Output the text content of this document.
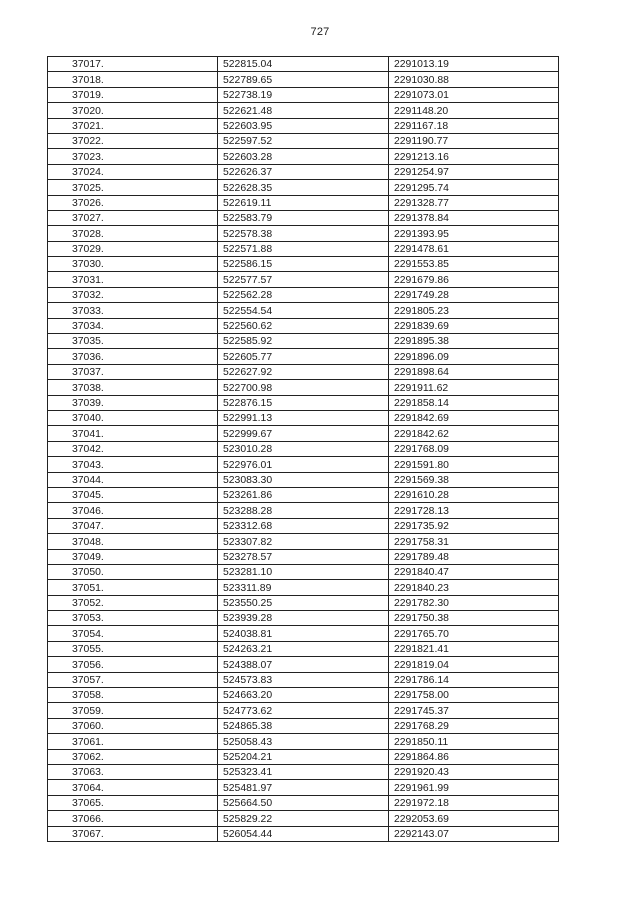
727
37017.	522815.04	2291013.19
37018.	522789.65	2291030.88
37019.	522738.19	2291073.01
37020.	522621.48	2291148.20
37021.	522603.95	2291167.18
37022.	522597.52	2291190.77
37023.	522603.28	2291213.16
37024.	522626.37	2291254.97
37025.	522628.35	2291295.74
37026.	522619.11	2291328.77
37027.	522583.79	2291378.84
37028.	522578.38	2291393.95
37029.	522571.88	2291478.61
37030.	522586.15	2291553.85
37031.	522577.57	2291679.86
37032.	522562.28	2291749.28
37033.	522554.54	2291805.23
37034.	522560.62	2291839.69
37035.	522585.92	2291895.38
37036.	522605.77	2291896.09
37037.	522627.92	2291898.64
37038.	522700.98	2291911.62
37039.	522876.15	2291858.14
37040.	522991.13	2291842.69
37041.	522999.67	2291842.62
37042.	523010.28	2291768.09
37043.	522976.01	2291591.80
37044.	523083.30	2291569.38
37045.	523261.86	2291610.28
37046.	523288.28	2291728.13
37047.	523312.68	2291735.92
37048.	523307.82	2291758.31
37049.	523278.57	2291789.48
37050.	523281.10	2291840.47
37051.	523311.89	2291840.23
37052.	523550.25	2291782.30
37053.	523939.28	2291750.38
37054.	524038.81	2291765.70
37055.	524263.21	2291821.41
37056.	524388.07	2291819.04
37057.	524573.83	2291786.14
37058.	524663.20	2291758.00
37059.	524773.62	2291745.37
37060.	524865.38	2291768.29
37061.	525058.43	2291850.11
37062.	525204.21	2291864.86
37063.	525323.41	2291920.43
37064.	525481.97	2291961.99
37065.	525664.50	2291972.18
37066.	525829.22	2292053.69
37067.	526054.44	2292143.07
